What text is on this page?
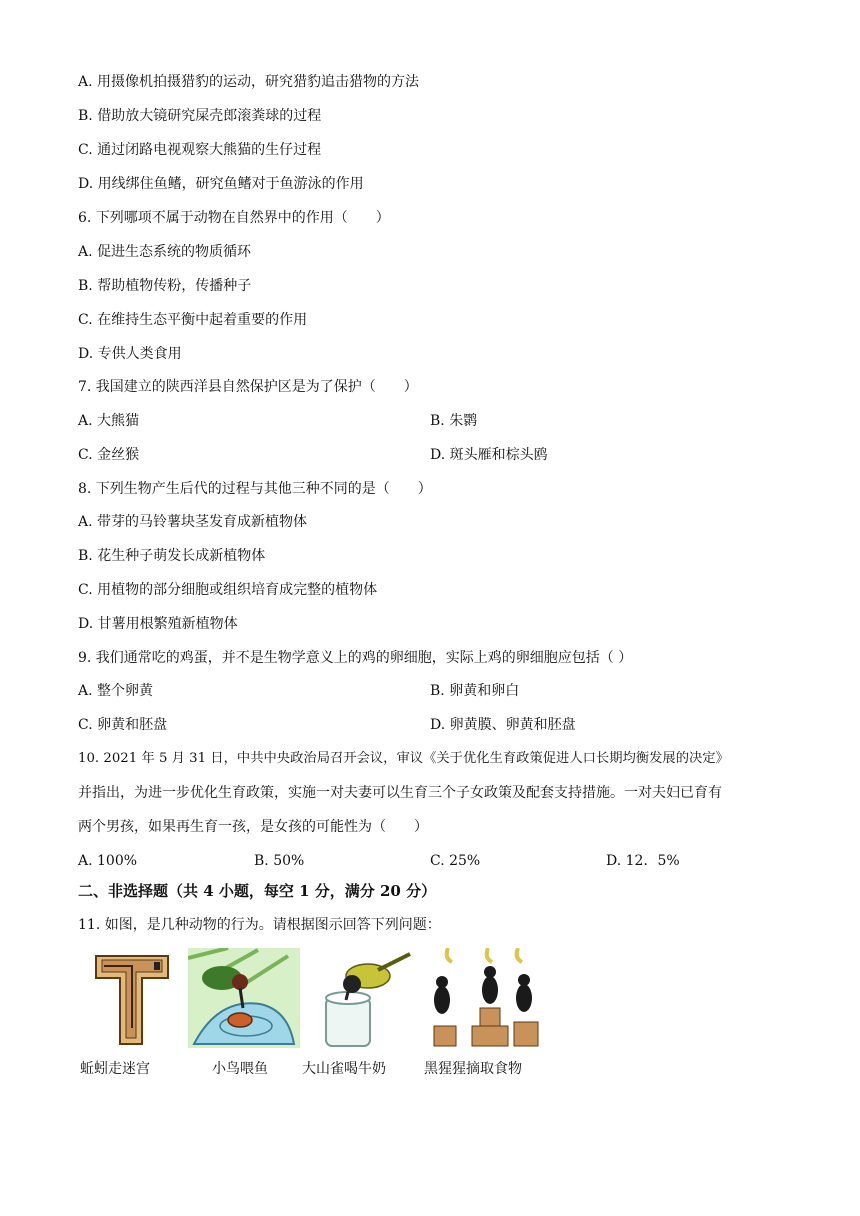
A. 用摄像机拍摄猎豹的运动，研究猎豹追击猎物的方法
B. 借助放大镜研究屎壳郎滚粪球的过程
C. 通过闭路电视观察大熊猫的生仔过程
D. 用线绑住鱼鳍，研究鱼鳍对于鱼游泳的作用
6. 下列哪项不属于动物在自然界中的作用（　　）
A. 促进生态系统的物质循环
B. 帮助植物传粉，传播种子
C. 在维持生态平衡中起着重要的作用
D. 专供人类食用
7. 我国建立的陕西洋县自然保护区是为了保护（　　）
A. 大熊猫	B. 朱鹮
C. 金丝猴	D. 斑头雁和棕头鸥
8. 下列生物产生后代的过程与其他三种不同的是（　　）
A. 带芽的马铃薯块茎发育成新植物体
B. 花生种子萌发长成新植物体
C. 用植物的部分细胞或组织培育成完整的植物体
D. 甘薯用根繁殖新植物体
9. 我们通常吃的鸡蛋，并不是生物学意义上的鸡的卵细胞，实际上鸡的卵细胞应包括（ ）
A. 整个卵黄	B. 卵黄和卵白
C. 卵黄和胚盘	D. 卵黄膜、卵黄和胚盘
10. 2021 年 5 月 31 日，中共中央政治局召开会议，审议《关于优化生育政策促进人口长期均衡发展的决定》
并指出，为进一步优化生育政策，实施一对夫妻可以生育三个子女政策及配套支持措施。一对夫妇已育有
两个男孩，如果再生育一孩，是女孩的可能性为（　　）
A. 100%	B. 50%	C. 25%	D. 12．5%
二、非选择题（共 4 小题，每空 1 分，满分 20 分）
11. 如图，是几种动物的行为。请根据图示回答下列问题：
蚯蚓走迷宫	小鸟喂鱼 大山雀喝牛奶	黑猩猩摘取食物
